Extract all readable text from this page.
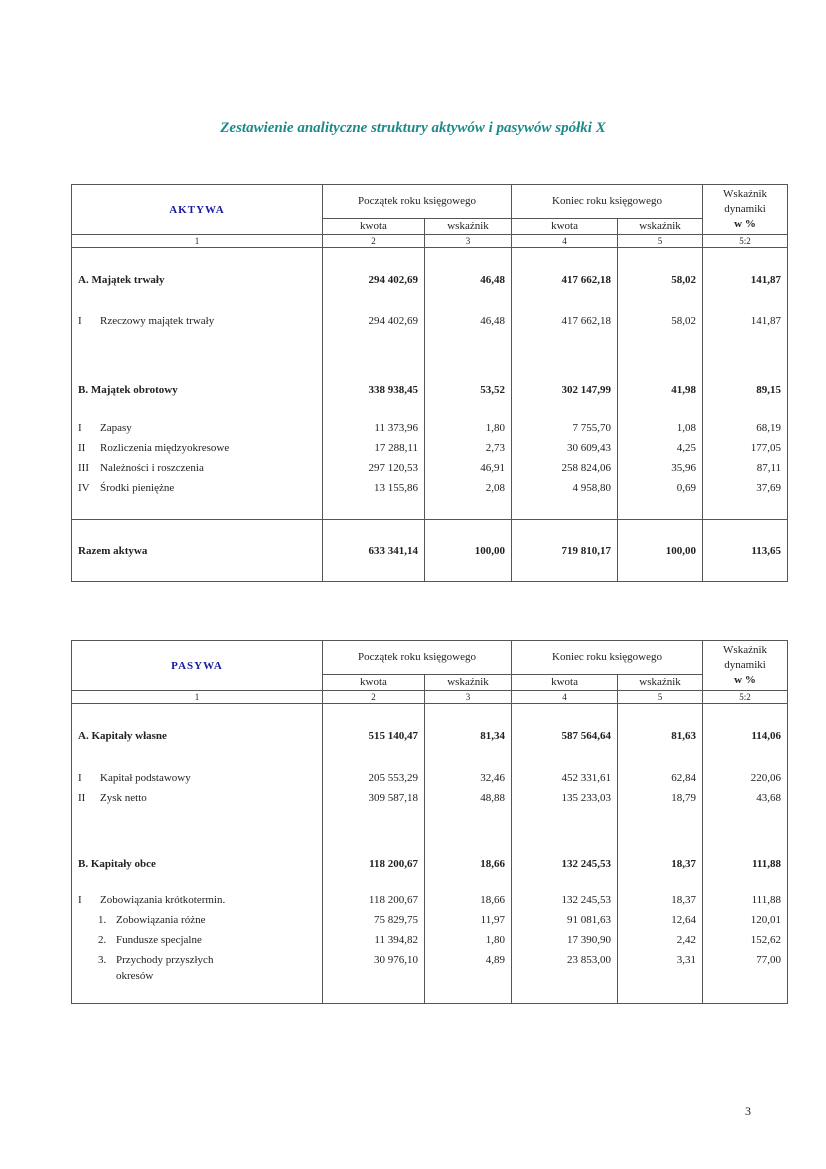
Zestawienie analityczne struktury aktywów i pasywów spółki X
AKTYWA	Początek roku księgowego		Koniec roku księgowego		Wskaźnik dynamiki
w %
	kwota	wskaźnik	kwota	wskaźnik	
1	2	3	4	5	5:2

A. Majątek trwały	294 402,69	46,48	417 662,18	58,02	141,87

I Rzeczowy majątek trwały	294 402,69	46,48	417 662,18	58,02	141,87

B. Majątek obrotowy	338 938,45	53,52	302 147,99	41,98	89,15

I Zapasy	11 373,96	1,80	7 755,70	1,08	68,19
II Rozliczenia międzyokresowe	17 288,11	2,73	30 609,43	4,25	177,05
III Należności i roszczenia	297 120,53	46,91	258 824,06	35,96	87,11
IV Środki pieniężne	13 155,86	2,08	4 958,80	0,69	37,69

Razem aktywa	633 341,14	100,00	719 810,17	100,00	113,65
PASYWA	Początek roku księgowego		Koniec roku księgowego		Wskaźnik dynamiki
w %
	kwota	wskaźnik	kwota	wskaźnik	
1	2	3	4	5	5:2

A. Kapitały własne	515 140,47	81,34	587 564,64	81,63	114,06

I Kapitał podstawowy	205 553,29	32,46	452 331,61	62,84	220,06
II Zysk netto	309 587,18	48,88	135 233,03	18,79	43,68

B. Kapitały obce	118 200,67	18,66	132 245,53	18,37	111,88

I Zobowiązania krótkotermin.	118 200,67	18,66	132 245,53	18,37	111,88
1. Zobowiązania różne	75 829,75	11,97	91 081,63	12,64	120,01
2. Fundusze specjalne	11 394,82	1,80	17 390,90	2,42	152,62
3. Przychody przyszłych	30 976,10	4,89	23 853,00	3,31	77,00
okresów					
3
